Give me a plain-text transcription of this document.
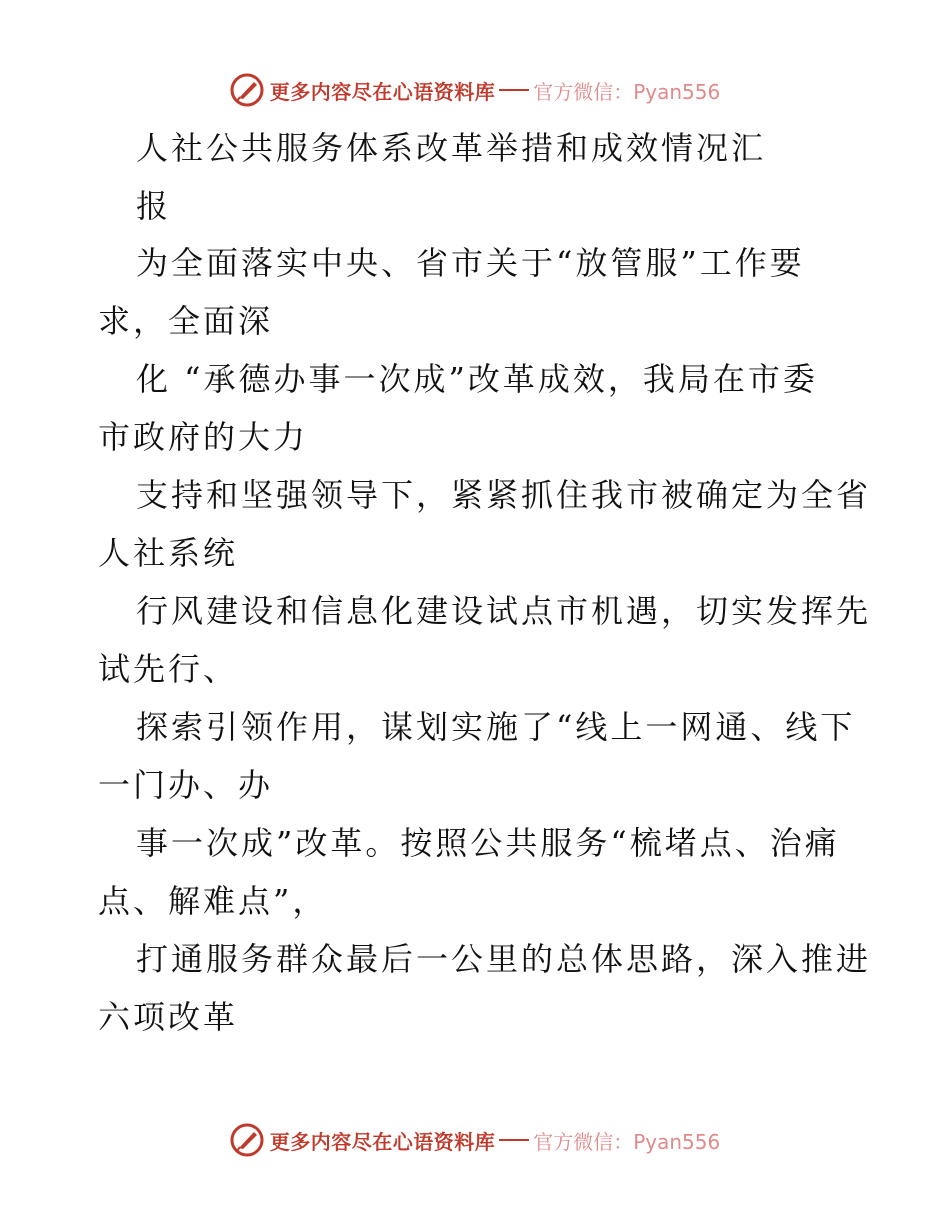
更多内容尽在心语资料库 官方微信：Pyan556
人社公共服务体系改革举措和成效情况汇
报
为全面落实中央、省市关于“放管服”工作要
求，全面深
化 “承德办事一次成”改革成效，我局在市委
市政府的大力
支持和坚强领导下，紧紧抓住我市被确定为全省
人社系统
行风建设和信息化建设试点市机遇，切实发挥先
试先行、
探索引领作用，谋划实施了“线上一网通、线下
一门办、办
事一次成”改革。按照公共服务“梳堵点、治痛
点、解难点”，
打通服务群众最后一公里的总体思路，深入推进
六项改革
更多内容尽在心语资料库 官方微信：Pyan556
